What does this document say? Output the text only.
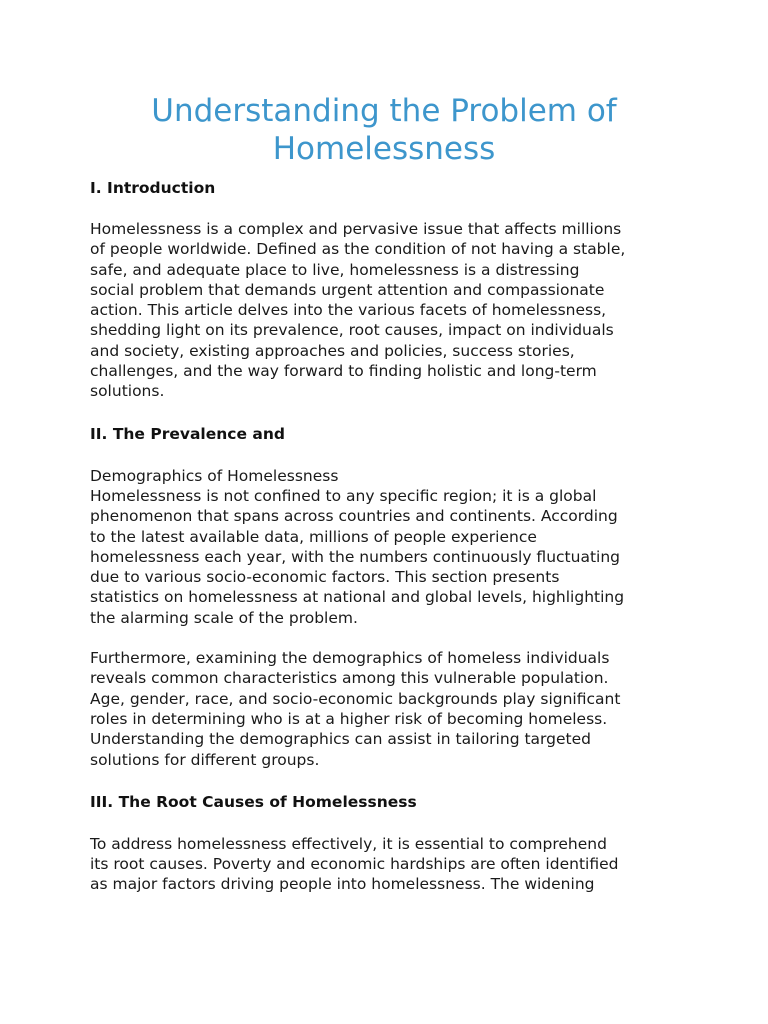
Understanding the Problem of
Homelessness
I. Introduction

Homelessness is a complex and pervasive issue that affects millions
of people worldwide. Defined as the condition of not having a stable,
safe, and adequate place to live, homelessness is a distressing
social problem that demands urgent attention and compassionate
action. This article delves into the various facets of homelessness,
shedding light on its prevalence, root causes, impact on individuals
and society, existing approaches and policies, success stories,
challenges, and the way forward to finding holistic and long-term
solutions.

II. The Prevalence and

Demographics of Homelessness

Homelessness is not confined to any specific region; it is a global
phenomenon that spans across countries and continents. According
to the latest available data, millions of people experience
homelessness each year, with the numbers continuously fluctuating
due to various socio-economic factors. This section presents
statistics on homelessness at national and global levels, highlighting
the alarming scale of the problem.

Furthermore, examining the demographics of homeless individuals
reveals common characteristics among this vulnerable population.
Age, gender, race, and socio-economic backgrounds play significant
roles in determining who is at a higher risk of becoming homeless.
Understanding the demographics can assist in tailoring targeted
solutions for different groups.

III. The Root Causes of Homelessness

To address homelessness effectively, it is essential to comprehend
its root causes. Poverty and economic hardships are often identified
as major factors driving people into homelessness. The widening
